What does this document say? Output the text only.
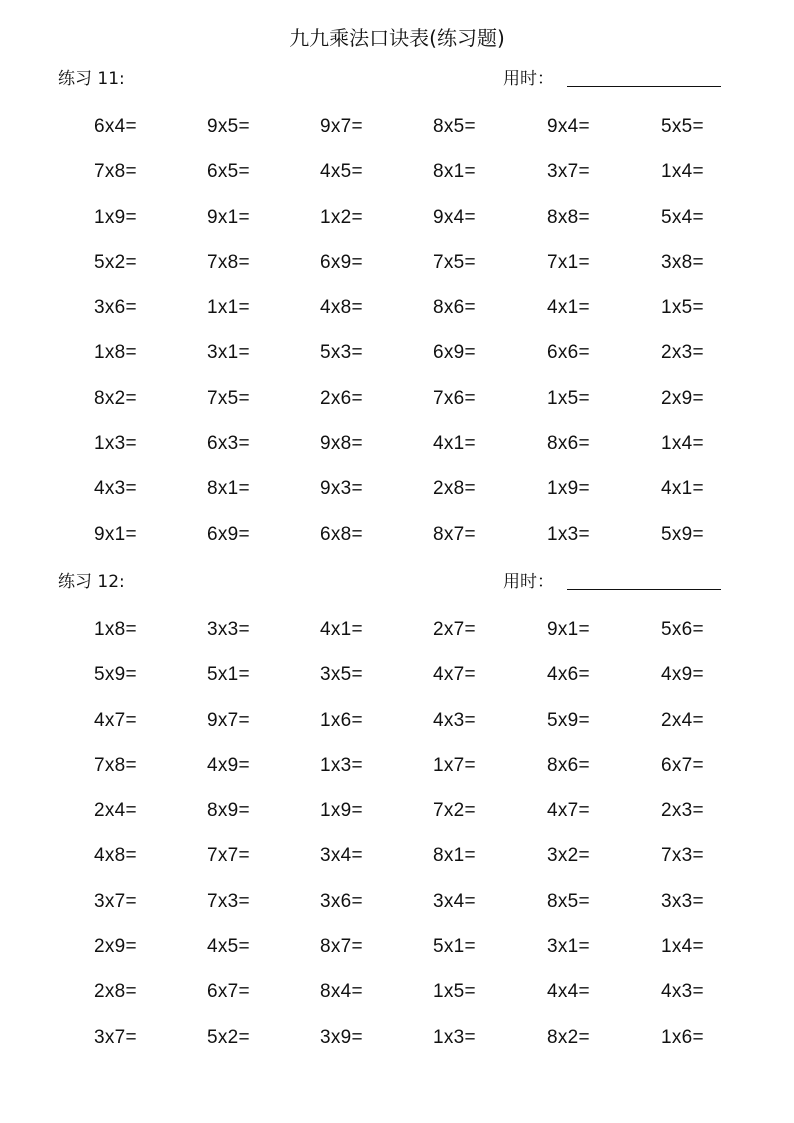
九九乘法口诀表(练习题)
练习 11:	用时：
6x4=	9x5=	9x7=	8x5=	9x4=	5x5=
7x8=	6x5=	4x5=	8x1=	3x7=	1x4=
1x9=	9x1=	1x2=	9x4=	8x8=	5x4=
5x2=	7x8=	6x9=	7x5=	7x1=	3x8=
3x6=	1x1=	4x8=	8x6=	4x1=	1x5=
1x8=	3x1=	5x3=	6x9=	6x6=	2x3=
8x2=	7x5=	2x6=	7x6=	1x5=	2x9=
1x3=	6x3=	9x8=	4x1=	8x6=	1x4=
4x3=	8x1=	9x3=	2x8=	1x9=	4x1=
9x1=	6x9=	6x8=	8x7=	1x3=	5x9=
练习 12:	用时：
1x8=	3x3=	4x1=	2x7=	9x1=	5x6=
5x9=	5x1=	3x5=	4x7=	4x6=	4x9=
4x7=	9x7=	1x6=	4x3=	5x9=	2x4=
7x8=	4x9=	1x3=	1x7=	8x6=	6x7=
2x4=	8x9=	1x9=	7x2=	4x7=	2x3=
4x8=	7x7=	3x4=	8x1=	3x2=	7x3=
3x7=	7x3=	3x6=	3x4=	8x5=	3x3=
2x9=	4x5=	8x7=	5x1=	3x1=	1x4=
2x8=	6x7=	8x4=	1x5=	4x4=	4x3=
3x7=	5x2=	3x9=	1x3=	8x2=	1x6=
